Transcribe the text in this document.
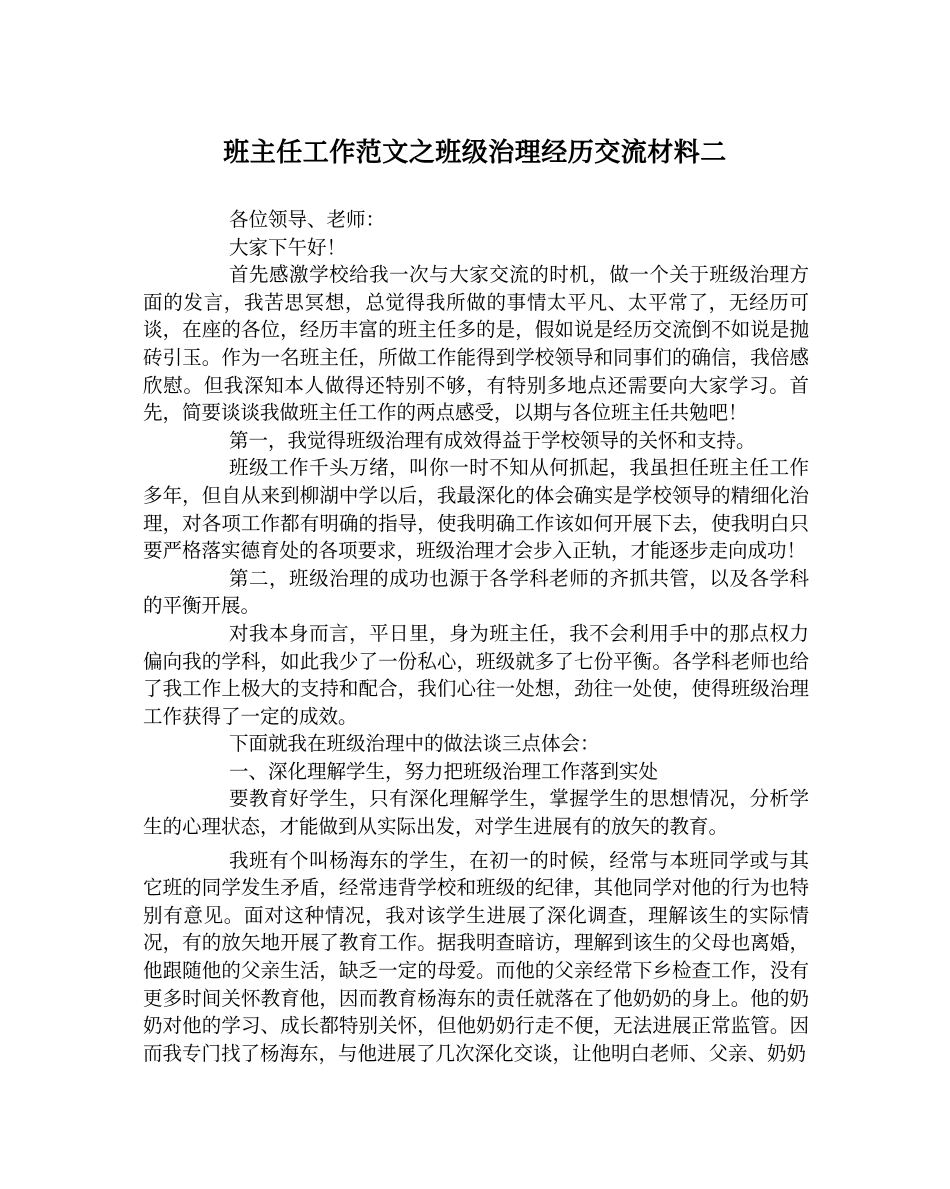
班主任工作范文之班级治理经历交流材料二

各位领导、老师：

大家下午好！

首先感激学校给我一次与大家交流的时机，做一个关于班级治理方面的发言，我苦思冥想，总觉得我所做的事情太平凡、太平常了，无经历可谈，在座的各位，经历丰富的班主任多的是，假如说是经历交流倒不如说是抛砖引玉。作为一名班主任，所做工作能得到学校领导和同事们的确信，我倍感欣慰。但我深知本人做得还特别不够，有特别多地点还需要向大家学习。首先，简要谈谈我做班主任工作的两点感受，以期与各位班主任共勉吧！

第一，我觉得班级治理有成效得益于学校领导的关怀和支持。

班级工作千头万绪，叫你一时不知从何抓起，我虽担任班主任工作多年，但自从来到柳湖中学以后，我最深化的体会确实是学校领导的精细化治理，对各项工作都有明确的指导，使我明确工作该如何开展下去，使我明白只要严格落实德育处的各项要求，班级治理才会步入正轨，才能逐步走向成功！

第二，班级治理的成功也源于各学科老师的齐抓共管，以及各学科的平衡开展。

对我本身而言，平日里，身为班主任，我不会利用手中的那点权力偏向我的学科，如此我少了一份私心，班级就多了七份平衡。各学科老师也给了我工作上极大的支持和配合，我们心往一处想，劲往一处使，使得班级治理工作获得了一定的成效。

下面就我在班级治理中的做法谈三点体会：

一、深化理解学生，努力把班级治理工作落到实处

要教育好学生，只有深化理解学生，掌握学生的思想情况，分析学生的心理状态，才能做到从实际出发，对学生进展有的放矢的教育。

我班有个叫杨海东的学生，在初一的时候，经常与本班同学或与其它班的同学发生矛盾，经常违背学校和班级的纪律，其他同学对他的行为也特别有意见。面对这种情况，我对该学生进展了深化调查，理解该生的实际情况，有的放矢地开展了教育工作。据我明查暗访，理解到该生的父母也离婚，他跟随他的父亲生活，缺乏一定的母爱。而他的父亲经常下乡检查工作，没有更多时间关怀教育他，因而教育杨海东的责任就落在了他奶奶的身上。他的奶奶对他的学习、成长都特别关怀，但他奶奶行走不便，无法进展正常监管。因而我专门找了杨海东，与他进展了几次深化交谈，让他明白老师、父亲、奶奶
